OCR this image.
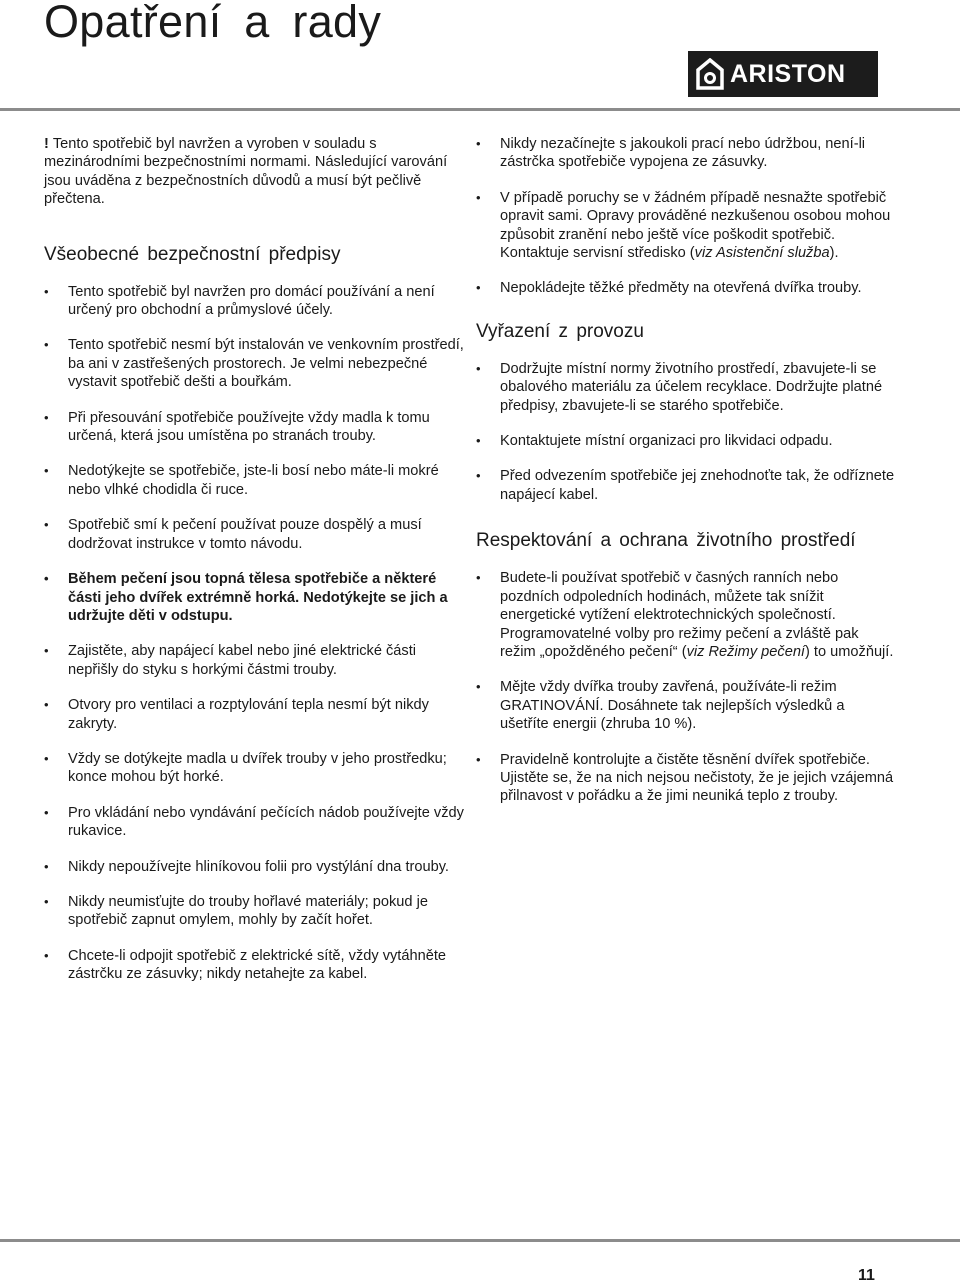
Opatření a rady
ARISTON

! Tento spotřebič byl navržen a vyroben v souladu s mezinárodními bezpečnostními normami. Následující varování jsou uváděna z bezpečnostních důvodů a musí být pečlivě přečtena.

Všeobecné bezpečnostní předpisy
• Tento spotřebič byl navržen pro domácí používání a není určený pro obchodní a průmyslové účely.
• Tento spotřebič nesmí být instalován ve venkovním prostředí, ba ani v zastřešených prostorech. Je velmi nebezpečné vystavit spotřebič dešti a bouřkám.
• Při přesouvání spotřebiče používejte vždy madla k tomu určená, která jsou umístěna po stranách trouby.
• Nedotýkejte se spotřebiče, jste-li bosí nebo máte-li mokré nebo vlhké chodidla či ruce.
• Spotřebič smí k pečení používat pouze dospělý a musí dodržovat instrukce v tomto návodu.
• Během pečení jsou topná tělesa spotřebiče a některé části jeho dvířek extrémně horká. Nedotýkejte se jich a udržujte děti v odstupu.
• Zajistěte, aby napájecí kabel nebo jiné elektrické části nepřišly do styku s horkými částmi trouby.
• Otvory pro ventilaci a rozptylování tepla nesmí být nikdy zakryty.
• Vždy se dotýkejte madla u dvířek trouby v jeho prostředku; konce mohou být horké.
• Pro vkládání nebo vyndávání pečících nádob používejte vždy rukavice.
• Nikdy nepoužívejte hliníkovou folii pro vystýlání dna trouby.
• Nikdy neumisťujte do trouby hořlavé materiály; pokud je spotřebič zapnut omylem, mohly by začít hořet.
• Chcete-li odpojit spotřebič z elektrické sítě, vždy vytáhněte zástrčku ze zásuvky; nikdy netahejte za kabel.
• Nikdy nezačínejte s jakoukoli prací nebo údržbou, není-li zástrčka spotřebiče vypojena ze zásuvky.
• V případě poruchy se v žádném případě nesnažte spotřebič opravit sami. Opravy prováděné nezkušenou osobou mohou způsobit zranění nebo ještě více poškodit spotřebič. Kontaktuje servisní středisko (viz Asistenční služba).
• Nepokládejte těžké předměty na otevřená dvířka trouby.
Vyřazení z provozu
• Dodržujte místní normy životního prostředí, zbavujete-li se obalového materiálu za účelem recyklace. Dodržujte platné předpisy, zbavujete-li se starého spotřebiče.
• Kontaktujete místní organizaci pro likvidaci odpadu.
• Před odvezením spotřebiče jej znehodnoťte tak, že odříznete napájecí kabel.
Respektování a ochrana životního prostředí
• Budete-li používat spotřebič v časných ranních nebo pozdních odpoledních hodinách, můžete tak snížit energetické vytížení elektrotechnických společností. Programovatelné volby pro režimy pečení a zvláště pak režim „opožděného pečení“ (viz Režimy pečení) to umožňují.
• Mějte vždy dvířka trouby zavřená, používáte-li režim GRATINOVÁNÍ. Dosáhnete tak nejlepších výsledků a ušetříte energii (zhruba 10 %).
• Pravidelně kontrolujte a čistěte těsnění dvířek spotřebiče. Ujistěte se, že na nich nejsou nečistoty, že je jejich vzájemná přilnavost v pořádku a že jimi neuniká teplo z trouby.
11
